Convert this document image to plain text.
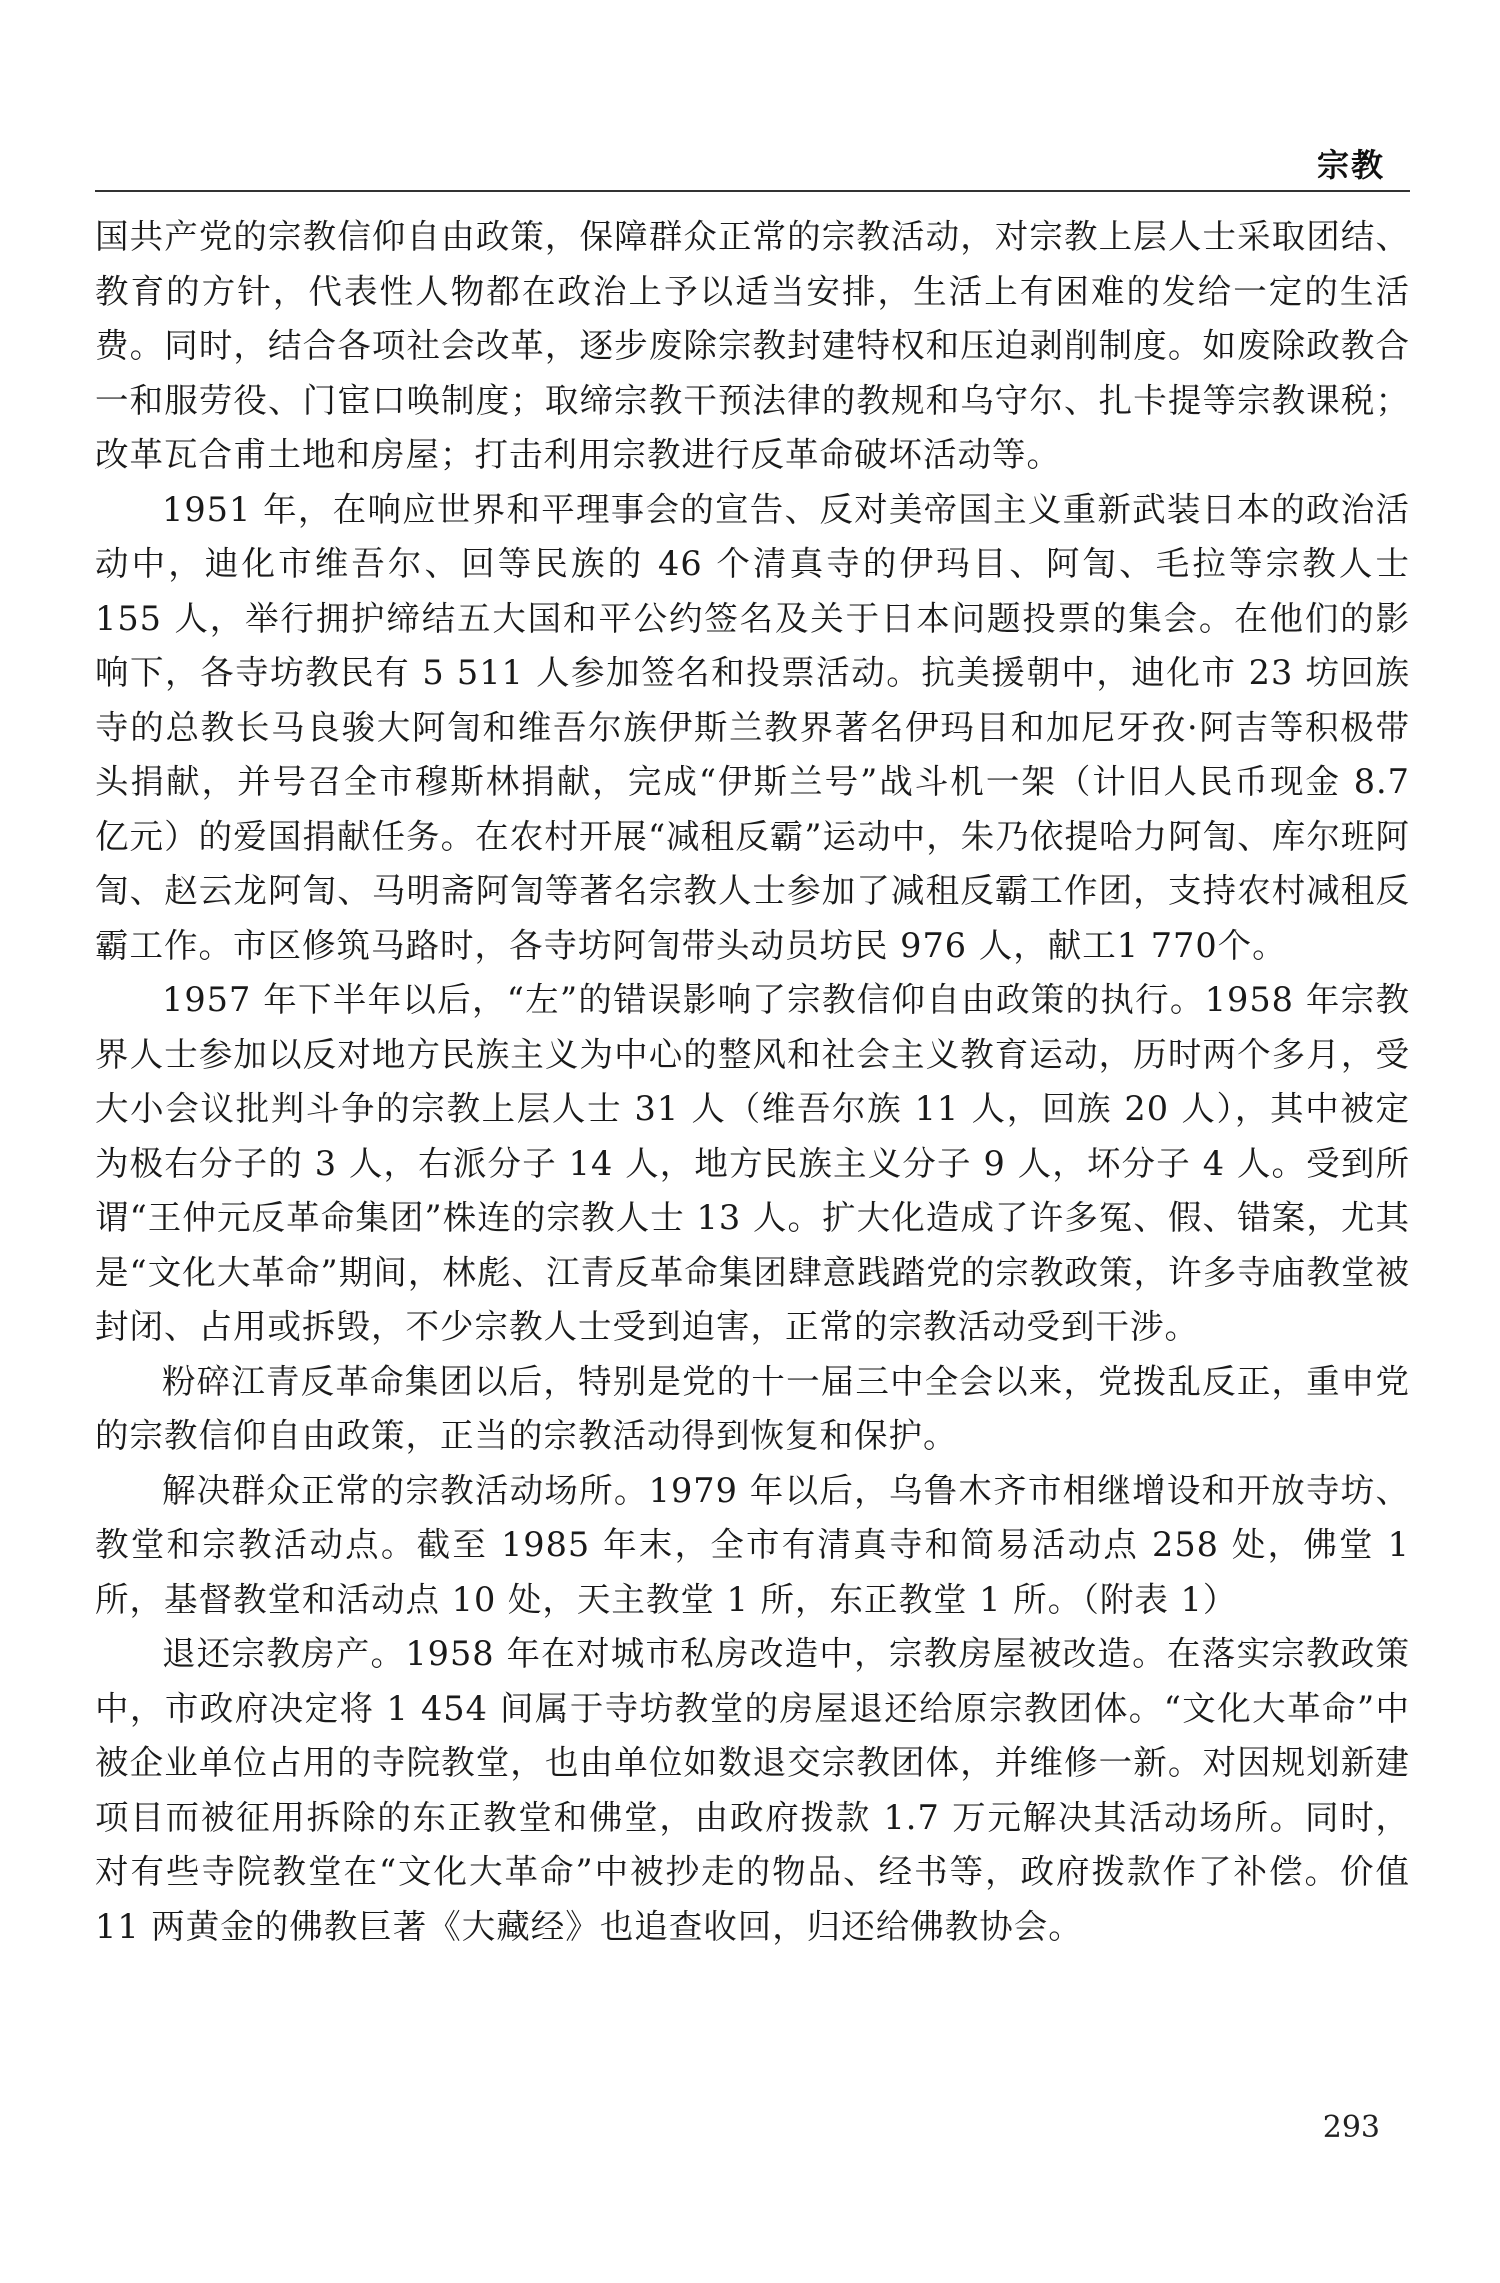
宗教

国共产党的宗教信仰自由政策，保障群众正常的宗教活动，对宗教上层人士采取团结、教育的方针，代表性人物都在政治上予以适当安排，生活上有困难的发给一定的生活费。同时，结合各项社会改革，逐步废除宗教封建特权和压迫剥削制度。如废除政教合一和服劳役、门宦口唤制度；取缔宗教干预法律的教规和乌守尔、扎卡提等宗教课税；改革瓦合甫土地和房屋；打击利用宗教进行反革命破坏活动等。

1951 年，在响应世界和平理事会的宣告、反对美帝国主义重新武装日本的政治活动中，迪化市维吾尔、回等民族的 46 个清真寺的伊玛目、阿訇、毛拉等宗教人士 155 人，举行拥护缔结五大国和平公约签名及关于日本问题投票的集会。在他们的影响下，各寺坊教民有 5 511 人参加签名和投票活动。抗美援朝中，迪化市 23 坊回族寺的总教长马良骏大阿訇和维吾尔族伊斯兰教界著名伊玛目和加尼牙孜·阿吉等积极带头捐献，并号召全市穆斯林捐献，完成“伊斯兰号”战斗机一架（计旧人民币现金 8.7 亿元）的爱国捐献任务。在农村开展“减租反霸”运动中，朱乃依提哈力阿訇、库尔班阿訇、赵云龙阿訇、马明斋阿訇等著名宗教人士参加了减租反霸工作团，支持农村减租反霸工作。市区修筑马路时，各寺坊阿訇带头动员坊民 976 人，献工1 770个。

1957 年下半年以后，“左”的错误影响了宗教信仰自由政策的执行。1958 年宗教界人士参加以反对地方民族主义为中心的整风和社会主义教育运动，历时两个多月，受大小会议批判斗争的宗教上层人士 31 人（维吾尔族 11 人，回族 20 人），其中被定为极右分子的 3 人，右派分子 14 人，地方民族主义分子 9 人，坏分子 4 人。受到所谓“王仲元反革命集团”株连的宗教人士 13 人。扩大化造成了许多冤、假、错案，尤其是“文化大革命”期间，林彪、江青反革命集团肆意践踏党的宗教政策，许多寺庙教堂被封闭、占用或拆毁，不少宗教人士受到迫害，正常的宗教活动受到干涉。

粉碎江青反革命集团以后，特别是党的十一届三中全会以来，党拨乱反正，重申党的宗教信仰自由政策，正当的宗教活动得到恢复和保护。

解决群众正常的宗教活动场所。1979 年以后，乌鲁木齐市相继增设和开放寺坊、教堂和宗教活动点。截至 1985 年末，全市有清真寺和简易活动点 258 处，佛堂 1 所，基督教堂和活动点 10 处，天主教堂 1 所，东正教堂 1 所。（附表 1）

退还宗教房产。1958 年在对城市私房改造中，宗教房屋被改造。在落实宗教政策中，市政府决定将 1 454 间属于寺坊教堂的房屋退还给原宗教团体。“文化大革命”中被企业单位占用的寺院教堂，也由单位如数退交宗教团体，并维修一新。对因规划新建项目而被征用拆除的东正教堂和佛堂，由政府拨款 1.7 万元解决其活动场所。同时，对有些寺院教堂在“文化大革命”中被抄走的物品、经书等，政府拨款作了补偿。价值 11 两黄金的佛教巨著《大藏经》也追查收回，归还给佛教协会。

293
